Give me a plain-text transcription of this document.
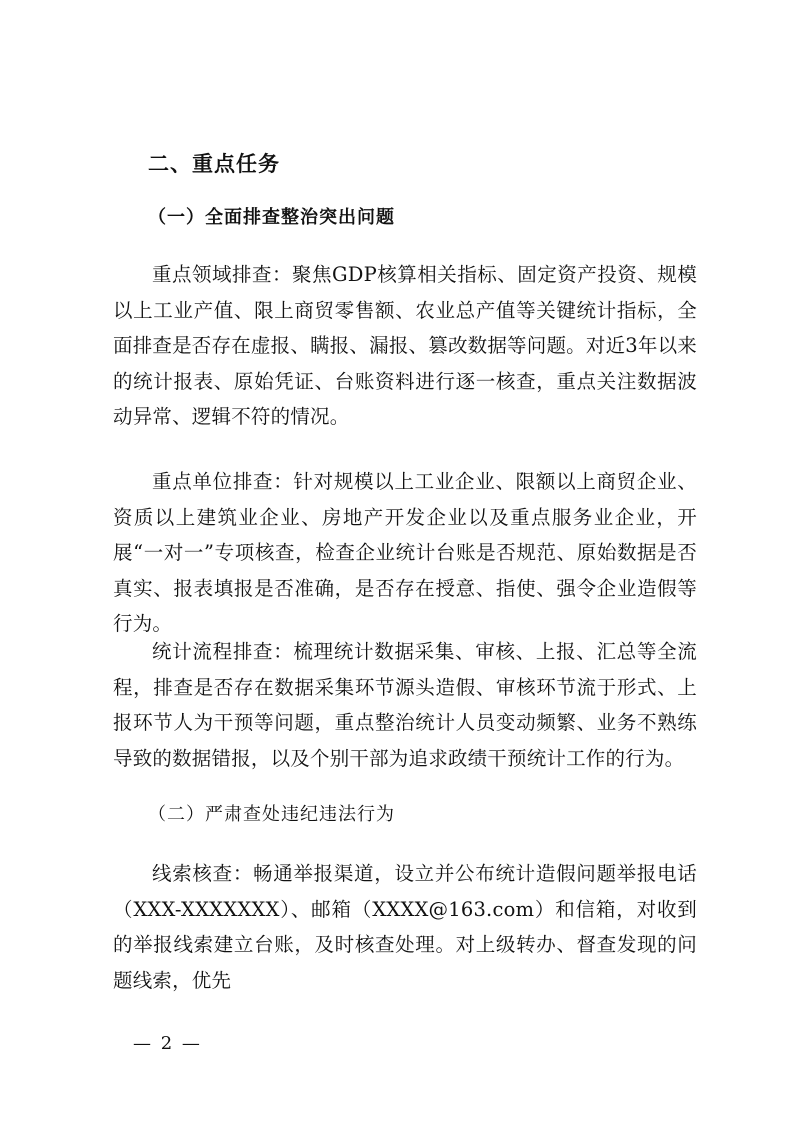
二、重点任务
（一）全面排查整治突出问题

重点领域排查：聚焦GDP核算相关指标、固定资产投资、规模以上工业产值、限上商贸零售额、农业总产值等关键统计指标，全面排查是否存在虚报、瞒报、漏报、篡改数据等问题。对近3年以来的统计报表、原始凭证、台账资料进行逐一核查，重点关注数据波动异常、逻辑不符的情况。

重点单位排查：针对规模以上工业企业、限额以上商贸企业、资质以上建筑业企业、房地产开发企业以及重点服务业企业，开展“一对一”专项核查，检查企业统计台账是否规范、原始数据是否真实、报表填报是否准确，是否存在授意、指使、强令企业造假等行为。

统计流程排查：梳理统计数据采集、审核、上报、汇总等全流程，排查是否存在数据采集环节源头造假、审核环节流于形式、上报环节人为干预等问题，重点整治统计人员变动频繁、业务不熟练导致的数据错报，以及个别干部为追求政绩干预统计工作的行为。

（二）严肃查处违纪违法行为

线索核查：畅通举报渠道，设立并公布统计造假问题举报电话（XXX-XXXXXXX）、邮箱（XXXX@163.com）和信箱，对收到的举报线索建立台账，及时核查处理。对上级转办、督查发现的问题线索，优先

— 2 —
